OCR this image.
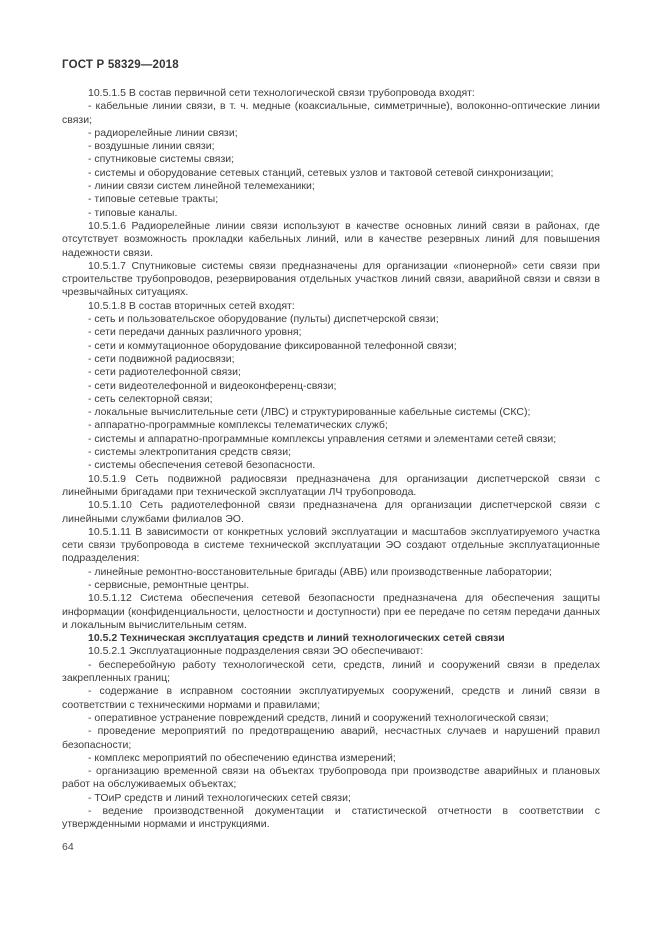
ГОСТ Р 58329—2018

10.5.1.5 В состав первичной сети технологической связи трубопровода входят:

- кабельные линии связи, в т. ч. медные (коаксиальные, симметричные), волоконно-оптические линии связи;

- радиорелейные линии связи;

- воздушные линии связи;

- спутниковые системы связи;

- системы и оборудование сетевых станций, сетевых узлов и тактовой сетевой синхронизации;

- линии связи систем линейной телемеханики;

- типовые сетевые тракты;

- типовые каналы.

10.5.1.6 Радиорелейные линии связи используют в качестве основных линий связи в районах, где отсутствует возможность прокладки кабельных линий, или в качестве резервных линий для повышения надежности связи.

10.5.1.7 Спутниковые системы связи предназначены для организации «пионерной» сети связи при строительстве трубопроводов, резервирования отдельных участков линий связи, аварийной связи и связи в чрезвычайных ситуациях.

10.5.1.8 В состав вторичных сетей входят:

- сеть и пользовательское оборудование (пульты) диспетчерской связи;

- сети передачи данных различного уровня;

- сети и коммутационное оборудование фиксированной телефонной связи;

- сети подвижной радиосвязи;

- сети радиотелефонной связи;

- сети видеотелефонной и видеоконференц-связи;

- сеть селекторной связи;

- локальные вычислительные сети (ЛВС) и структурированные кабельные системы (СКС);

- аппаратно-программные комплексы телематических служб;

- системы и аппаратно-программные комплексы управления сетями и элементами сетей связи;

- системы электропитания средств связи;

- системы обеспечения сетевой безопасности.

10.5.1.9 Сеть подвижной радиосвязи предназначена для организации диспетчерской связи с линейными бригадами при технической эксплуатации ЛЧ трубопровода.

10.5.1.10 Сеть радиотелефонной связи предназначена для организации диспетчерской связи с линейными службами филиалов ЭО.

10.5.1.11 В зависимости от конкретных условий эксплуатации и масштабов эксплуатируемого участка сети связи трубопровода в системе технической эксплуатации ЭО создают отдельные эксплуатационные подразделения:

- линейные ремонтно-восстановительные бригады (АВБ) или производственные лаборатории;

- сервисные, ремонтные центры.

10.5.1.12 Система обеспечения сетевой безопасности предназначена для обеспечения защиты информации (конфиденциальности, целостности и доступности) при ее передаче по сетям передачи данных и локальным вычислительным сетям.

10.5.2 Техническая эксплуатация средств и линий технологических сетей связи

10.5.2.1 Эксплуатационные подразделения связи ЭО обеспечивают:

- бесперебойную работу технологической сети, средств, линий и сооружений связи в пределах закрепленных границ;

- содержание в исправном состоянии эксплуатируемых сооружений, средств и линий связи в соответствии с техническими нормами и правилами;

- оперативное устранение повреждений средств, линий и сооружений технологической связи;

- проведение мероприятий по предотвращению аварий, несчастных случаев и нарушений правил безопасности;

- комплекс мероприятий по обеспечению единства измерений;

- организацию временной связи на объектах трубопровода при производстве аварийных и плановых работ на обслуживаемых объектах;

- ТОиР средств и линий технологических сетей связи;

- ведение производственной документации и статистической отчетности в соответствии с утвержденными нормами и инструкциями.

64
